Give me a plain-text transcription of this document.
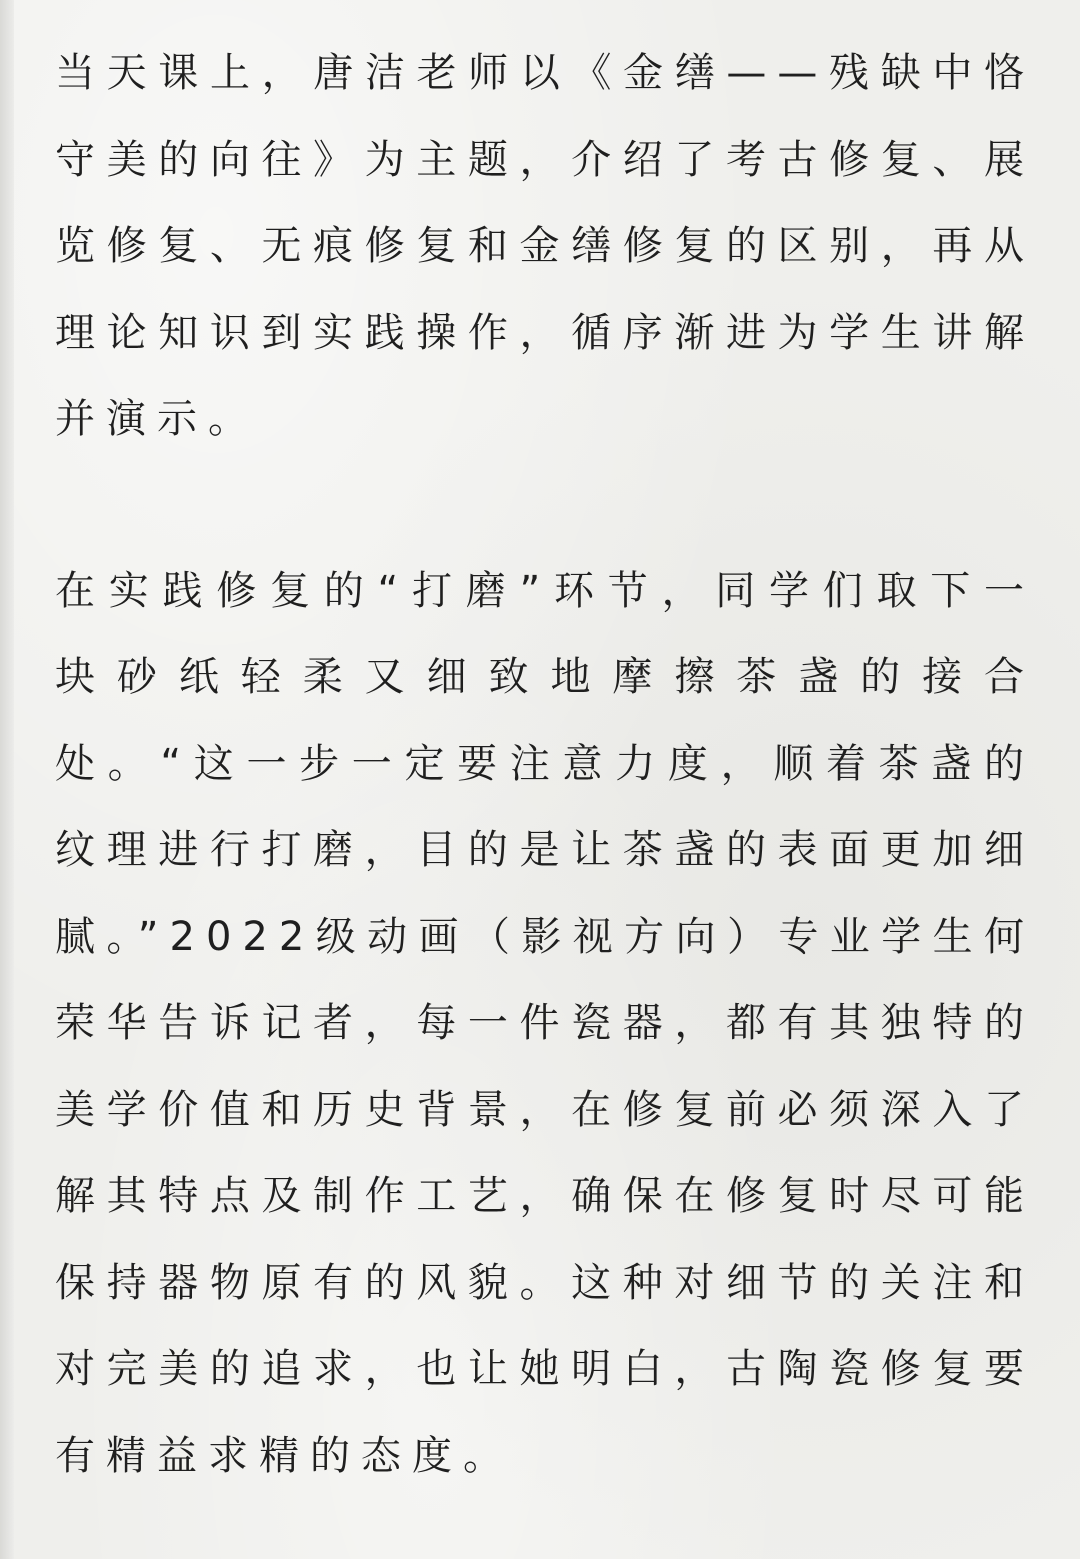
当天课上，唐洁老师以《金缮——残缺中恪守美的向往》为主题，介绍了考古修复、展览修复、无痕修复和金缮修复的区别，再从理论知识到实践操作，循序渐进为学生讲解并演示。

在实践修复的“打磨”环节，同学们取下一块砂纸轻柔又细致地摩擦茶盏的接合处。“这一步一定要注意力度，顺着茶盏的纹理进行打磨，目的是让茶盏的表面更加细腻。”2022级动画（影视方向）专业学生何荣华告诉记者，每一件瓷器，都有其独特的美学价值和历史背景，在修复前必须深入了解其特点及制作工艺，确保在修复时尽可能保持器物原有的风貌。这种对细节的关注和对完美的追求，也让她明白，古陶瓷修复要有精益求精的态度。
